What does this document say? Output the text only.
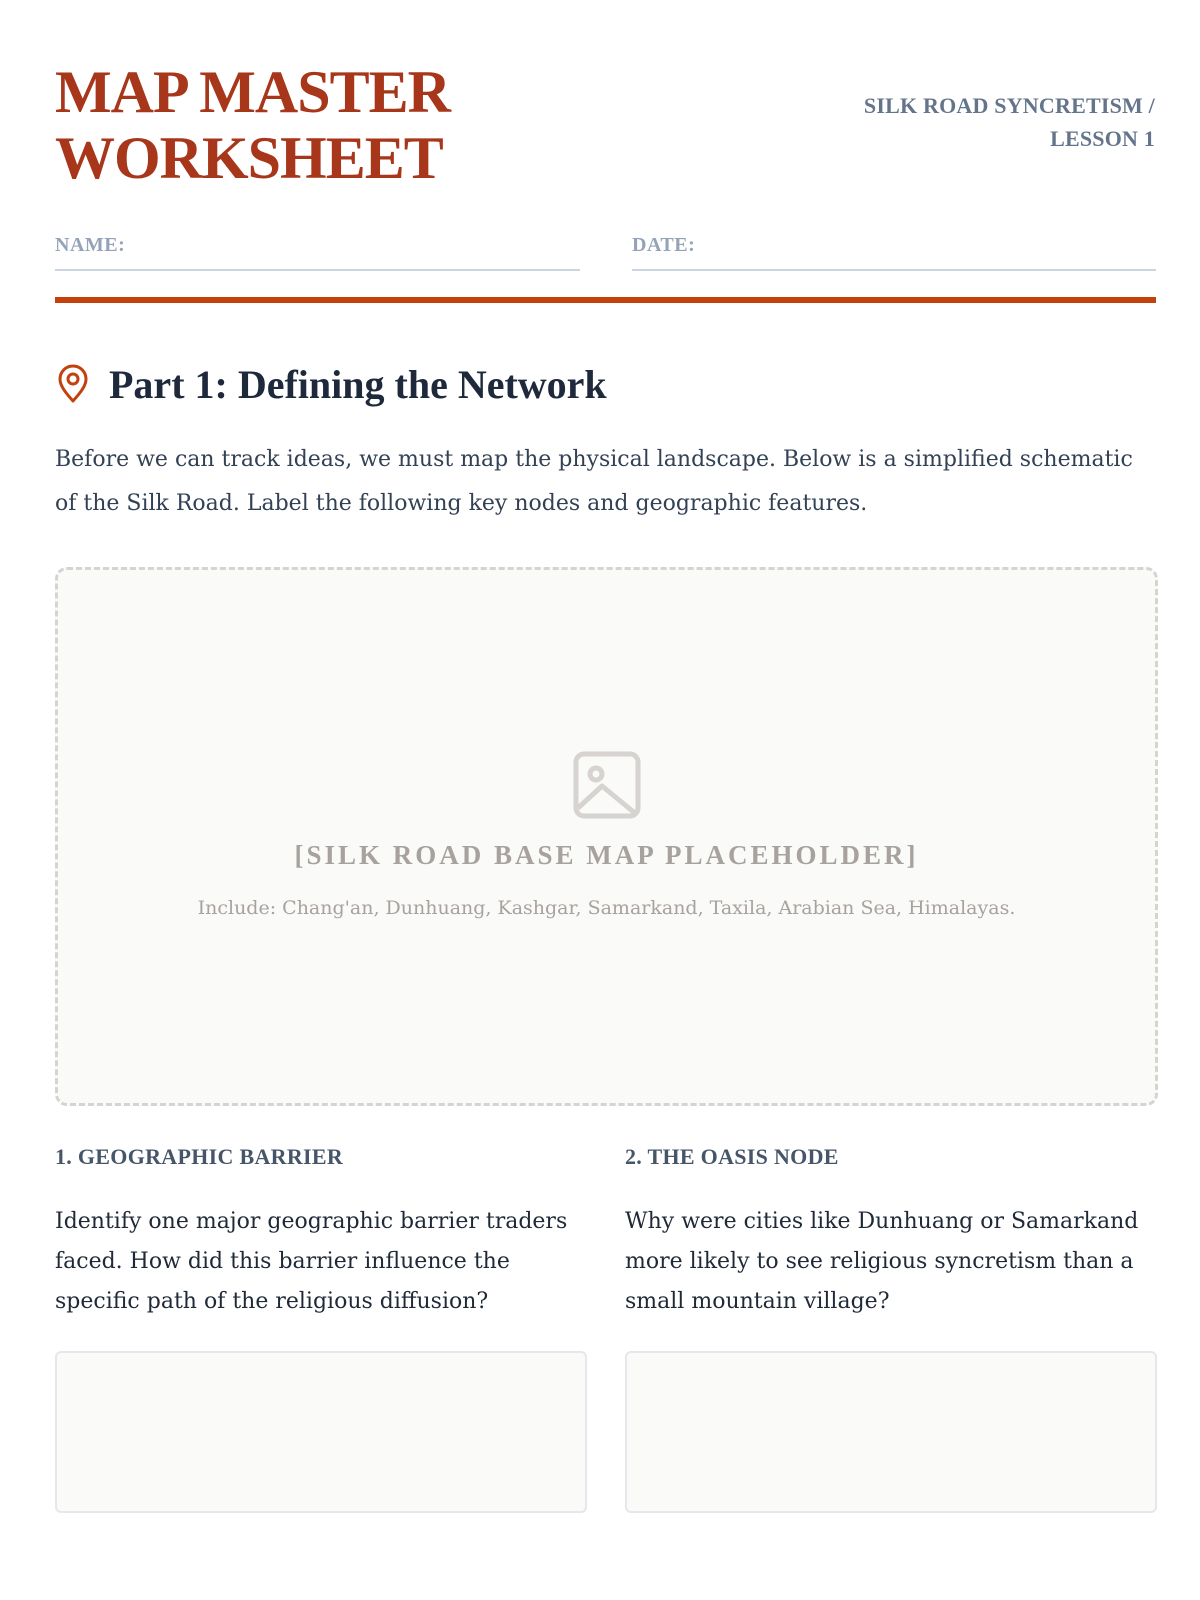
MAP MASTER
WORKSHEET
SILK ROAD SYNCRETISM /
LESSON 1
NAME:	DATE:
Part 1: Defining the Network

Before we can track ideas, we must map the physical landscape. Below is a simplified schematic of the Silk Road. Label the following key nodes and geographic features.

[SILK ROAD BASE MAP PLACEHOLDER]
Include: Chang'an, Dunhuang, Kashgar, Samarkand, Taxila, Arabian Sea, Himalayas.
1. GEOGRAPHIC BARRIER
Identify one major geographic barrier traders faced. How did this barrier influence the specific path of the religious diffusion?
2. THE OASIS NODE
Why were cities like Dunhuang or Samarkand more likely to see religious syncretism than a small mountain village?
